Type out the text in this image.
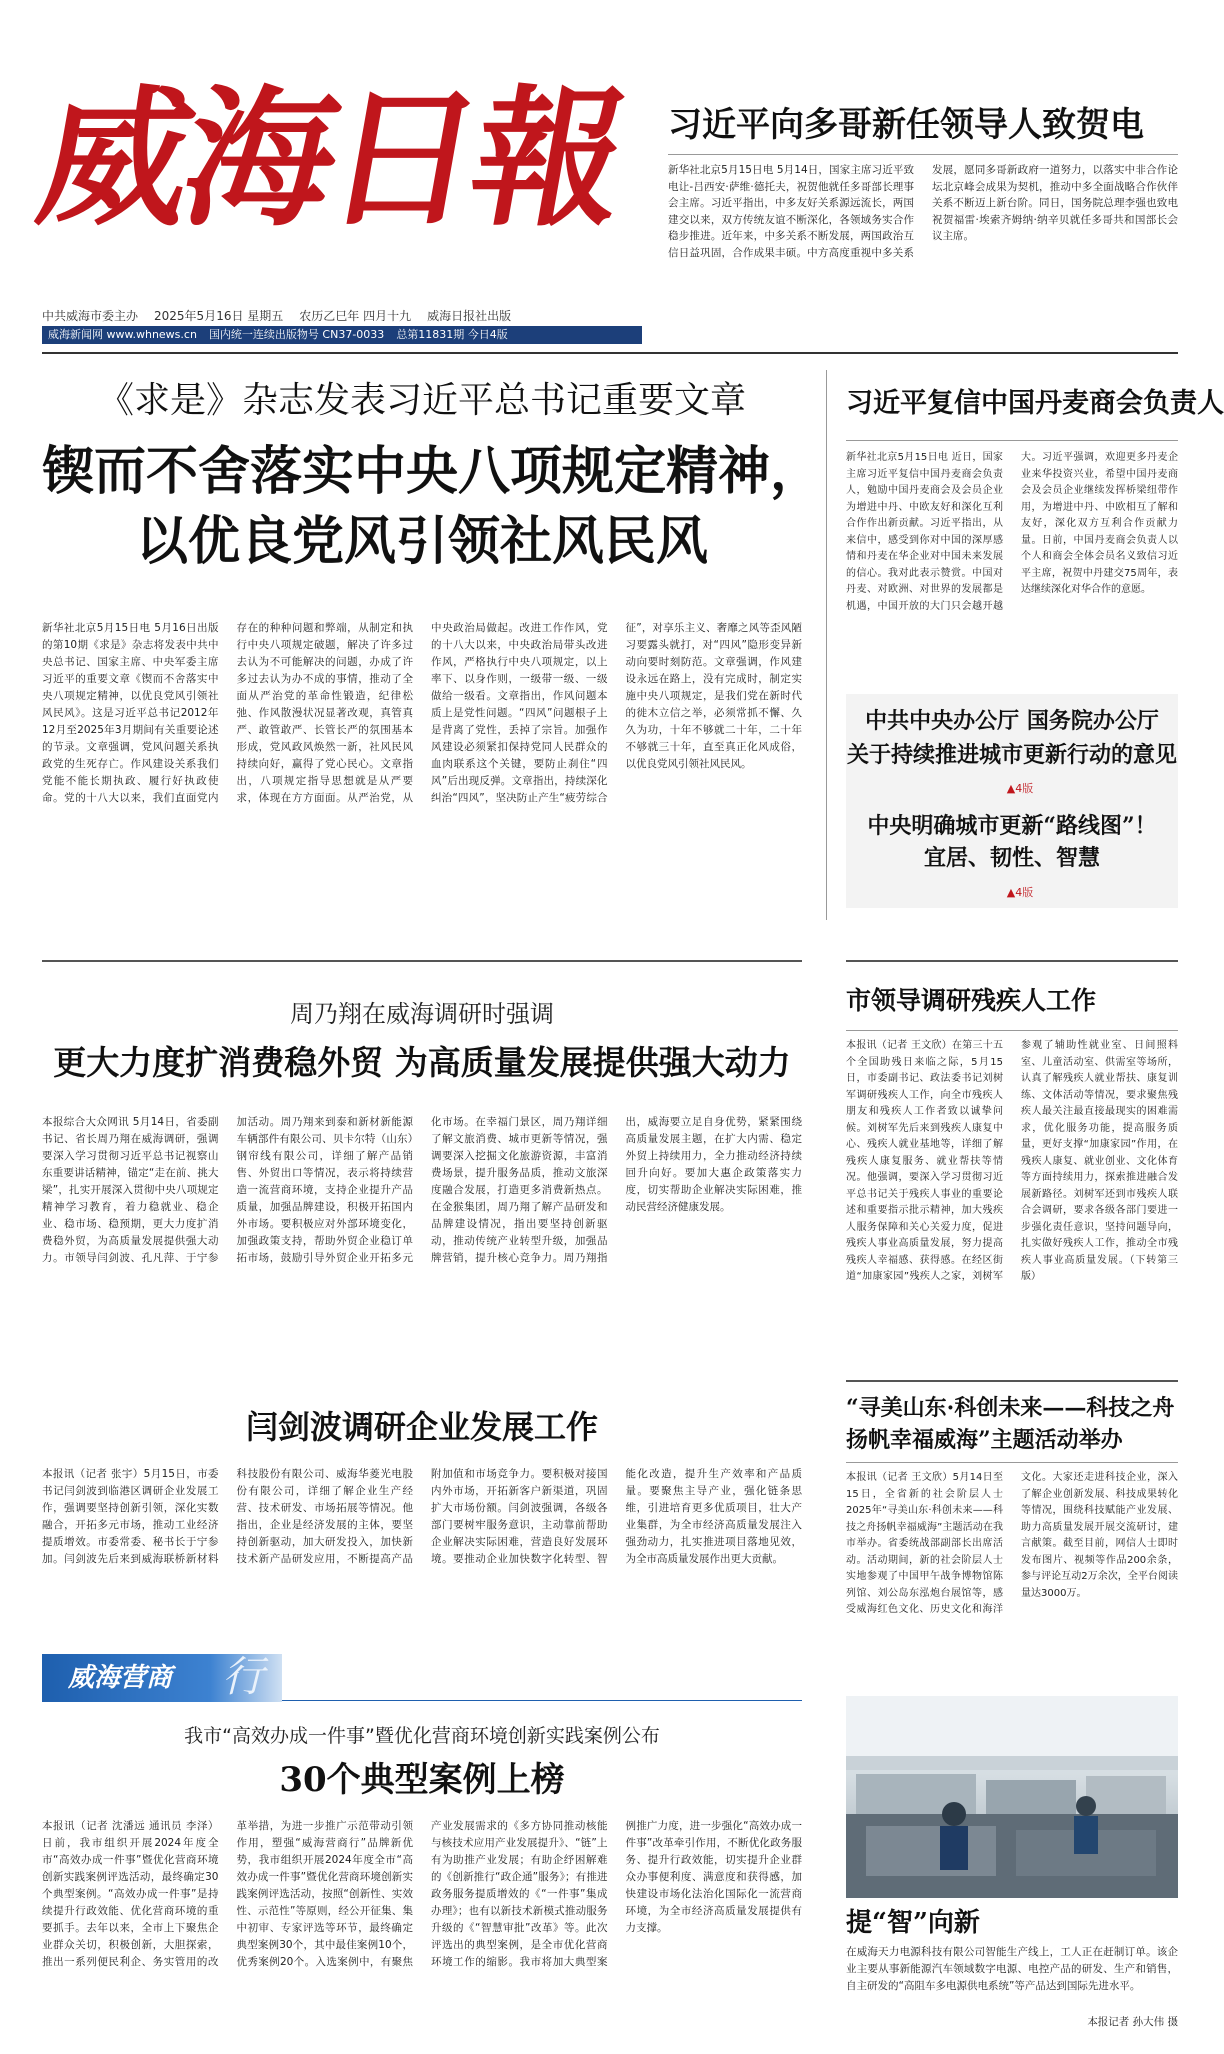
威海日報	习近平向多哥新任领导人致贺电
新华社北京5月15日电 5月14日，国家主席习近平致电让-吕西安·萨维·德托夫，祝贺他就任多哥部长理事会主席。习近平指出，中多友好关系源远流长，两国建交以来，双方传统友谊不断深化，各领域务实合作稳步推进。近年来，中多关系不断发展，两国政治互信日益巩固，合作成果丰硕。中方高度重视中多关系发展，愿同多哥新政府一道努力，以落实中非合作论坛北京峰会成果为契机，推动中多全面战略合作伙伴关系不断迈上新台阶。同日，国务院总理李强也致电祝贺福雷·埃索齐姆纳·纳辛贝就任多哥共和国部长会议主席。
中共威海市委主办 2025年5月16日 星期五 农历乙巳年 四月十九 威海日报社出版
威海新闻网 www.whnews.cn 国内统一连续出版物号 CN37-0033 总第11831期 今日4版
《求是》杂志发表习近平总书记重要文章
锲而不舍落实中央八项规定精神，
以优良党风引领社风民风
新华社北京5月15日电 5月16日出版的第10期《求是》杂志将发表中共中央总书记、国家主席、中央军委主席习近平的重要文章《锲而不舍落实中央八项规定精神，以优良党风引领社风民风》。这是习近平总书记2012年12月至2025年3月期间有关重要论述的节录。文章强调，党风问题关系执政党的生死存亡。作风建设关系我们党能不能长期执政、履行好执政使命。党的十八大以来，我们直面党内存在的种种问题和弊端，从制定和执行中央八项规定破题，解决了许多过去认为不可能解决的问题，办成了许多过去认为办不成的事情，推动了全面从严治党的革命性锻造，纪律松弛、作风散漫状况显著改观，真管真严、敢管敢严、长管长严的氛围基本形成，党风政风焕然一新，社风民风持续向好，赢得了党心民心。文章指出，八项规定指导思想就是从严要求，体现在方方面面。从严治党，从中央政治局做起。改进工作作风，党的十八大以来，中央政治局带头改进作风，严格执行中央八项规定，以上率下、以身作则，一级带一级、一级做给一级看。文章指出，作风问题本质上是党性问题。“四风”问题根子上是背离了党性，丢掉了宗旨。加强作风建设必须紧扣保持党同人民群众的血肉联系这个关键，要防止刹住“四风”后出现反弹。文章指出，持续深化纠治“四风”，坚决防止产生“疲劳综合征”，对享乐主义、奢靡之风等歪风陋习要露头就打，对“四风”隐形变异新动向要时刻防范。文章强调，作风建设永远在路上，没有完成时，制定实施中央八项规定，是我们党在新时代的徙木立信之举，必须常抓不懈、久久为功，十年不够就二十年，二十年不够就三十年，直至真正化风成俗，以优良党风引领社风民风。
习近平复信中国丹麦商会负责人
新华社北京5月15日电 近日，国家主席习近平复信中国丹麦商会负责人，勉励中国丹麦商会及会员企业为增进中丹、中欧友好和深化互利合作作出新贡献。习近平指出，从来信中，感受到你对中国的深厚感情和丹麦在华企业对中国未来发展的信心。我对此表示赞赏。中国对丹麦、对欧洲、对世界的发展都是机遇，中国开放的大门只会越开越大。习近平强调，欢迎更多丹麦企业来华投资兴业，希望中国丹麦商会及会员企业继续发挥桥梁纽带作用，为增进中丹、中欧相互了解和友好，深化双方互利合作贡献力量。日前，中国丹麦商会负责人以个人和商会全体会员名义致信习近平主席，祝贺中丹建交75周年，表达继续深化对华合作的意愿。
中共中央办公厅 国务院办公厅
关于持续推进城市更新行动的意见
▲4版
中央明确城市更新“路线图”！
宜居、韧性、智慧
▲4版
周乃翔在威海调研时强调
更大力度扩消费稳外贸 为高质量发展提供强大动力
本报综合大众网讯 5月14日，省委副书记、省长周乃翔在威海调研，强调要深入学习贯彻习近平总书记视察山东重要讲话精神，锚定“走在前、挑大梁”，扎实开展深入贯彻中央八项规定精神学习教育，着力稳就业、稳企业、稳市场、稳预期，更大力度扩消费稳外贸，为高质量发展提供强大动力。市领导闫剑波、孔凡萍、于宁参加活动。周乃翔来到泰和新材新能源车辆部件有限公司、贝卡尔特（山东）钢帘线有限公司，详细了解产品销售、外贸出口等情况，表示将持续营造一流营商环境，支持企业提升产品质量，加强品牌建设，积极开拓国内外市场。要积极应对外部环境变化，加强政策支持，帮助外贸企业稳订单拓市场，鼓励引导外贸企业开拓多元化市场。在幸福门景区，周乃翔详细了解文旅消费、城市更新等情况，强调要深入挖掘文化旅游资源，丰富消费场景，提升服务品质，推动文旅深度融合发展，打造更多消费新热点。在金猴集团，周乃翔了解产品研发和品牌建设情况，指出要坚持创新驱动，推动传统产业转型升级，加强品牌营销，提升核心竞争力。周乃翔指出，威海要立足自身优势，紧紧围绕高质量发展主题，在扩大内需、稳定外贸上持续用力，全力推动经济持续回升向好。要加大惠企政策落实力度，切实帮助企业解决实际困难，推动民营经济健康发展。
市领导调研残疾人工作
本报讯（记者 王文欣）在第三十五个全国助残日来临之际，5月15日，市委副书记、政法委书记刘树军调研残疾人工作，向全市残疾人朋友和残疾人工作者致以诚挚问候。刘树军先后来到残疾人康复中心、残疾人就业基地等，详细了解残疾人康复服务、就业帮扶等情况。他强调，要深入学习贯彻习近平总书记关于残疾人事业的重要论述和重要指示批示精神，加大残疾人服务保障和关心关爱力度，促进残疾人事业高质量发展，努力提高残疾人幸福感、获得感。在经区街道“加康家园”残疾人之家，刘树军参观了辅助性就业室、日间照料室、儿童活动室、供需室等场所，认真了解残疾人就业帮扶、康复训练、文体活动等情况，要求聚焦残疾人最关注最直接最现实的困难需求，优化服务功能，提高服务质量，更好支撑“加康家园”作用，在残疾人康复、就业创业、文化体育等方面持续用力，探索推进融合发展新路径。刘树军还到市残疾人联合会调研，要求各级各部门要进一步强化责任意识，坚持问题导向，扎实做好残疾人工作，推动全市残疾人事业高质量发展。（下转第三版）
闫剑波调研企业发展工作
本报讯（记者 张宇）5月15日，市委书记闫剑波到临港区调研企业发展工作，强调要坚持创新引领，深化实数融合，开拓多元市场，推动工业经济提质增效。市委常委、秘书长于宁参加。闫剑波先后来到威海联桥新材料科技股份有限公司、威海华菱光电股份有限公司，详细了解企业生产经营、技术研发、市场拓展等情况。他指出，企业是经济发展的主体，要坚持创新驱动，加大研发投入，加快新技术新产品研发应用，不断提高产品附加值和市场竞争力。要积极对接国内外市场，开拓新客户新渠道，巩固扩大市场份额。闫剑波强调，各级各部门要树牢服务意识，主动靠前帮助企业解决实际困难，营造良好发展环境。要推动企业加快数字化转型、智能化改造，提升生产效率和产品质量。要聚焦主导产业，强化链条思维，引进培育更多优质项目，壮大产业集群，为全市经济高质量发展注入强劲动力，扎实推进项目落地见效，为全市高质量发展作出更大贡献。
“寻美山东·科创未来——科技之舟
扬帆幸福威海”主题活动举办
本报讯（记者 王文欣）5月14日至15日，全省新的社会阶层人士2025年“寻美山东·科创未来——科技之舟扬帆幸福威海”主题活动在我市举办。省委统战部副部长出席活动。活动期间，新的社会阶层人士实地参观了中国甲午战争博物馆陈列馆、刘公岛东泓炮台展馆等，感受威海红色文化、历史文化和海洋文化。大家还走进科技企业，深入了解企业创新发展、科技成果转化等情况，围绕科技赋能产业发展、助力高质量发展开展交流研讨，建言献策。截至目前，网信人士即时发布图片、视频等作品200余条，参与评论互动2万余次，全平台阅读量达3000万。
威海营商 行
我市“高效办成一件事”暨优化营商环境创新实践案例公布
30个典型案例上榜
本报讯（记者 沈潘远 通讯员 李泽）日前，我市组织开展2024年度全市“高效办成一件事”暨优化营商环境创新实践案例评选活动，最终确定30个典型案例。“高效办成一件事”是持续提升行政效能、优化营商环境的重要抓手。去年以来，全市上下聚焦企业群众关切，积极创新，大胆探索，推出一系列便民利企、务实管用的改革举措，为进一步推广示范带动引领作用，塑强“威海营商行”品牌新优势，我市组织开展2024年度全市“高效办成一件事”暨优化营商环境创新实践案例评选活动，按照“创新性、实效性、示范性”等原则，经公开征集、集中初审、专家评选等环节，最终确定典型案例30个，其中最佳案例10个，优秀案例20个。入选案例中，有聚焦产业发展需求的《多方协同推动核能与核技术应用产业发展提升》、“链”上有为助推产业发展；有助企纾困解难的《创新推行“政企通”服务》；有推进政务服务提质增效的《“一件事”集成办理》；也有以新技术新模式推动服务升级的《“智慧审批”改革》等。此次评选出的典型案例，是全市优化营商环境工作的缩影。我市将加大典型案例推广力度，进一步强化“高效办成一件事”改革牵引作用，不断优化政务服务、提升行政效能，切实提升企业群众办事便利度、满意度和获得感，加快建设市场化法治化国际化一流营商环境，为全市经济高质量发展提供有力支撑。	提“智”向新
在威海天力电源科技有限公司智能生产线上，工人正在赶制订单。该企业主要从事新能源汽车领域数字电源、电控产品的研发、生产和销售，自主研发的“高阻车多电源供电系统”等产品达到国际先进水平。
本报记者 孙大伟 摄
